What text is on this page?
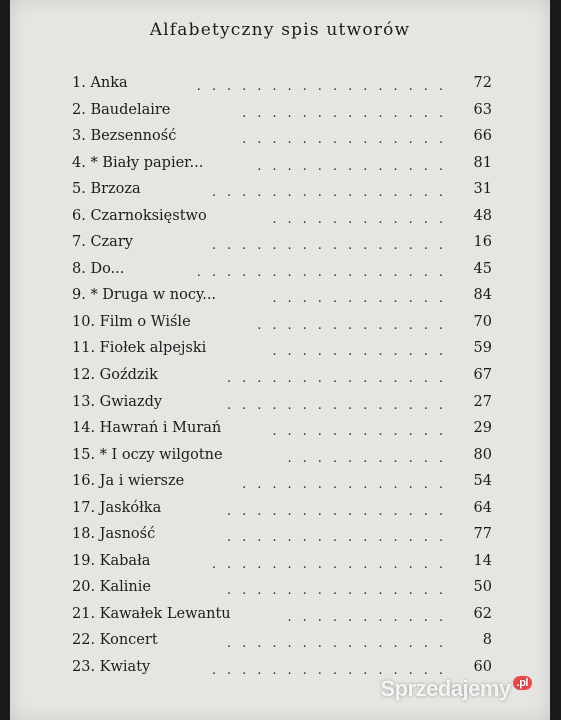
Alfabetyczny spis utworów
1. Anka	.................	72
2. Baudelaire	..............	63
3. Bezsenność	..............	66
4. * Biały papier...	.............	81
5. Brzoza	................	31
6. Czarnoksięstwo	............	48
7. Czary	................	16
8. Do...	.................	45
9. * Druga w nocy...	............	84
10. Film o Wiśle	.............	70
11. Fiołek alpejski	............	59
12. Goździk	...............	67
13. Gwiazdy	...............	27
14. Hawrań i Murań	............	29
15. * I oczy wilgotne	...........	80
16. Ja i wiersze	..............	54
17. Jaskółka	...............	64
18. Jasność	...............	77
19. Kabała	................	14
20. Kalinie	...............	50
21. Kawałek Lewantu	...........	62
22. Koncert	...............	8
23. Kwiaty	................	60
Sprzedajemy .pl
